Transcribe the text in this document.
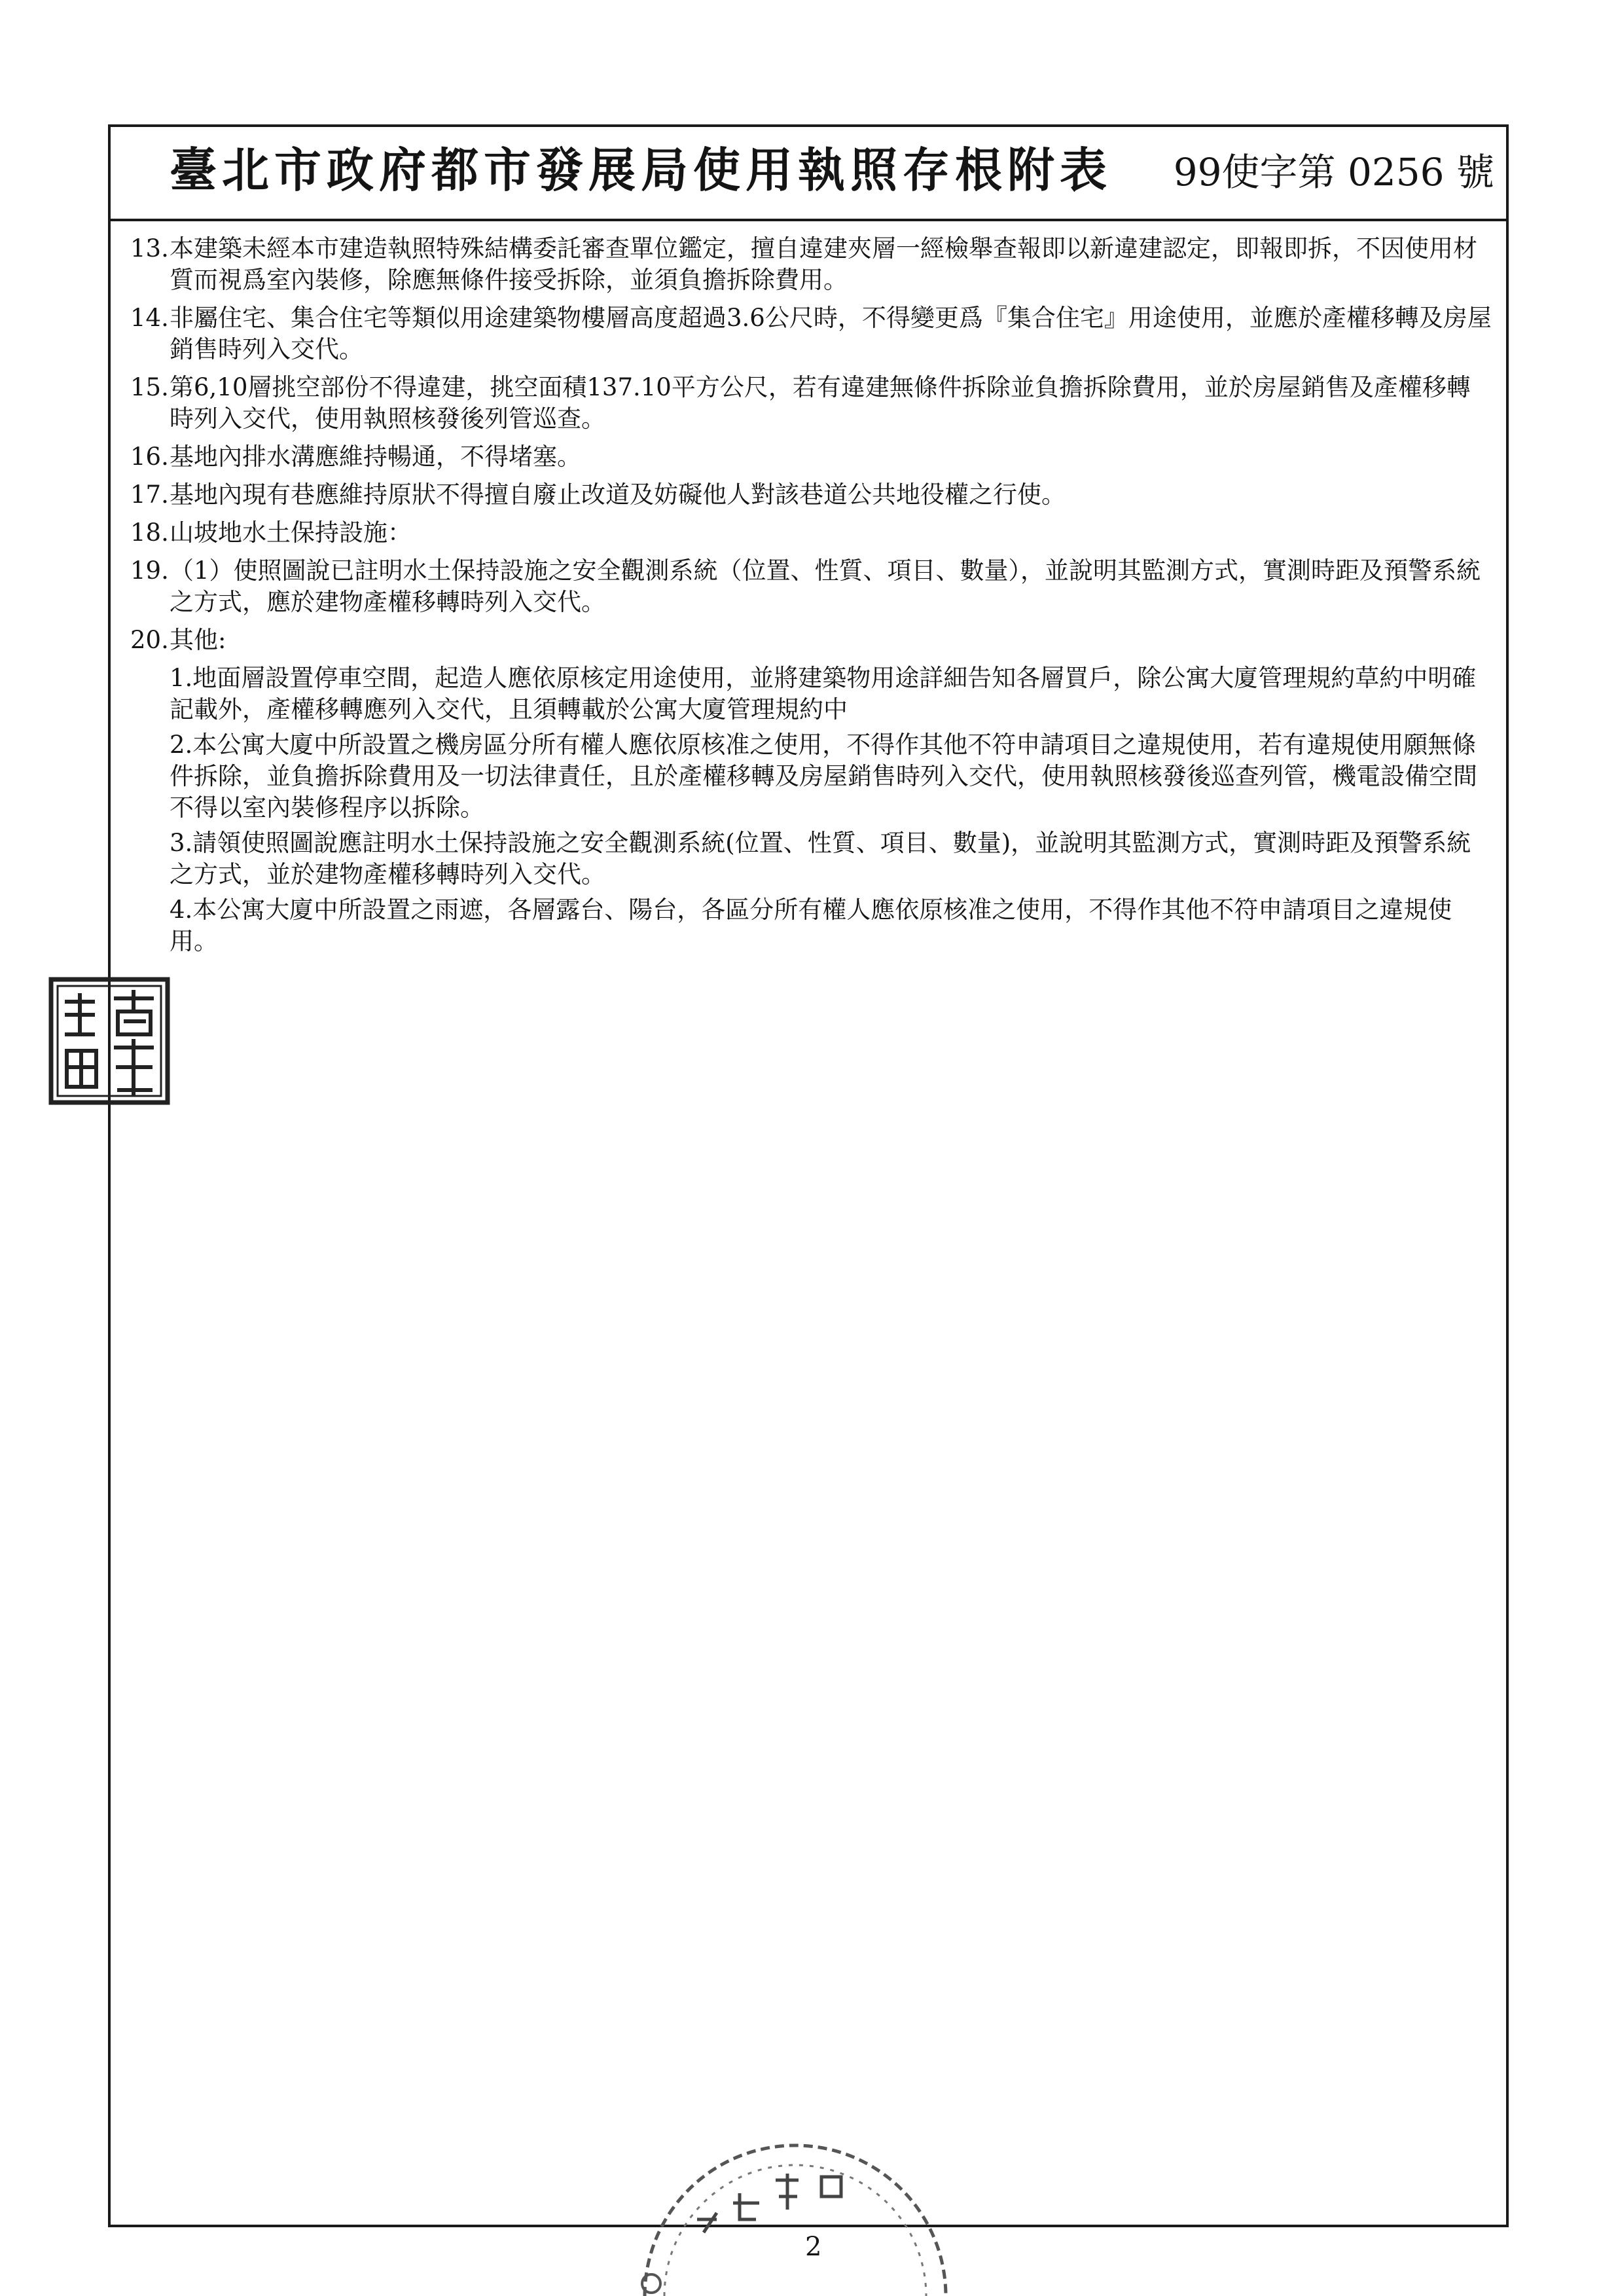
臺北市政府都市發展局使用執照存根附表	99使字第 0256 號
13. 本建築未經本市建造執照特殊結構委託審查單位鑑定，擅自違建夾層一經檢舉查報即以新違建認定，即報即拆，不因使用材質而視爲室內裝修，除應無條件接受拆除，並須負擔拆除費用。
14. 非屬住宅、集合住宅等類似用途建築物樓層高度超過3.6公尺時，不得變更爲『集合住宅』用途使用，並應於產權移轉及房屋銷售時列入交代。
15. 第6,10層挑空部份不得違建，挑空面積137.10平方公尺，若有違建無條件拆除並負擔拆除費用，並於房屋銷售及產權移轉時列入交代，使用執照核發後列管巡查。
16. 基地內排水溝應維持暢通，不得堵塞。
17. 基地內現有巷應維持原狀不得擅自廢止改道及妨礙他人對該巷道公共地役權之行使。
18. 山坡地水土保持設施：
19. （1）使照圖說已註明水土保持設施之安全觀測系統（位置、性質、項目、數量），並說明其監測方式，實測時距及預警系統之方式，應於建物產權移轉時列入交代。
20. 其他:
1.地面層設置停車空間，起造人應依原核定用途使用，並將建築物用途詳細告知各層買戶，除公寓大廈管理規約草約中明確記載外，產權移轉應列入交代，且須轉載於公寓大廈管理規約中
2.本公寓大廈中所設置之機房區分所有權人應依原核准之使用，不得作其他不符申請項目之違規使用，若有違規使用願無條件拆除，並負擔拆除費用及一切法律責任，且於產權移轉及房屋銷售時列入交代，使用執照核發後巡查列管，機電設備空間不得以室內裝修程序以拆除。
3.請領使照圖說應註明水土保持設施之安全觀測系統(位置、性質、項目、數量)，並說明其監測方式，實測時距及預警系統之方式，並於建物產權移轉時列入交代。
4.本公寓大廈中所設置之雨遮，各層露台、陽台，各區分所有權人應依原核准之使用，不得作其他不符申請項目之違規使用。
2
